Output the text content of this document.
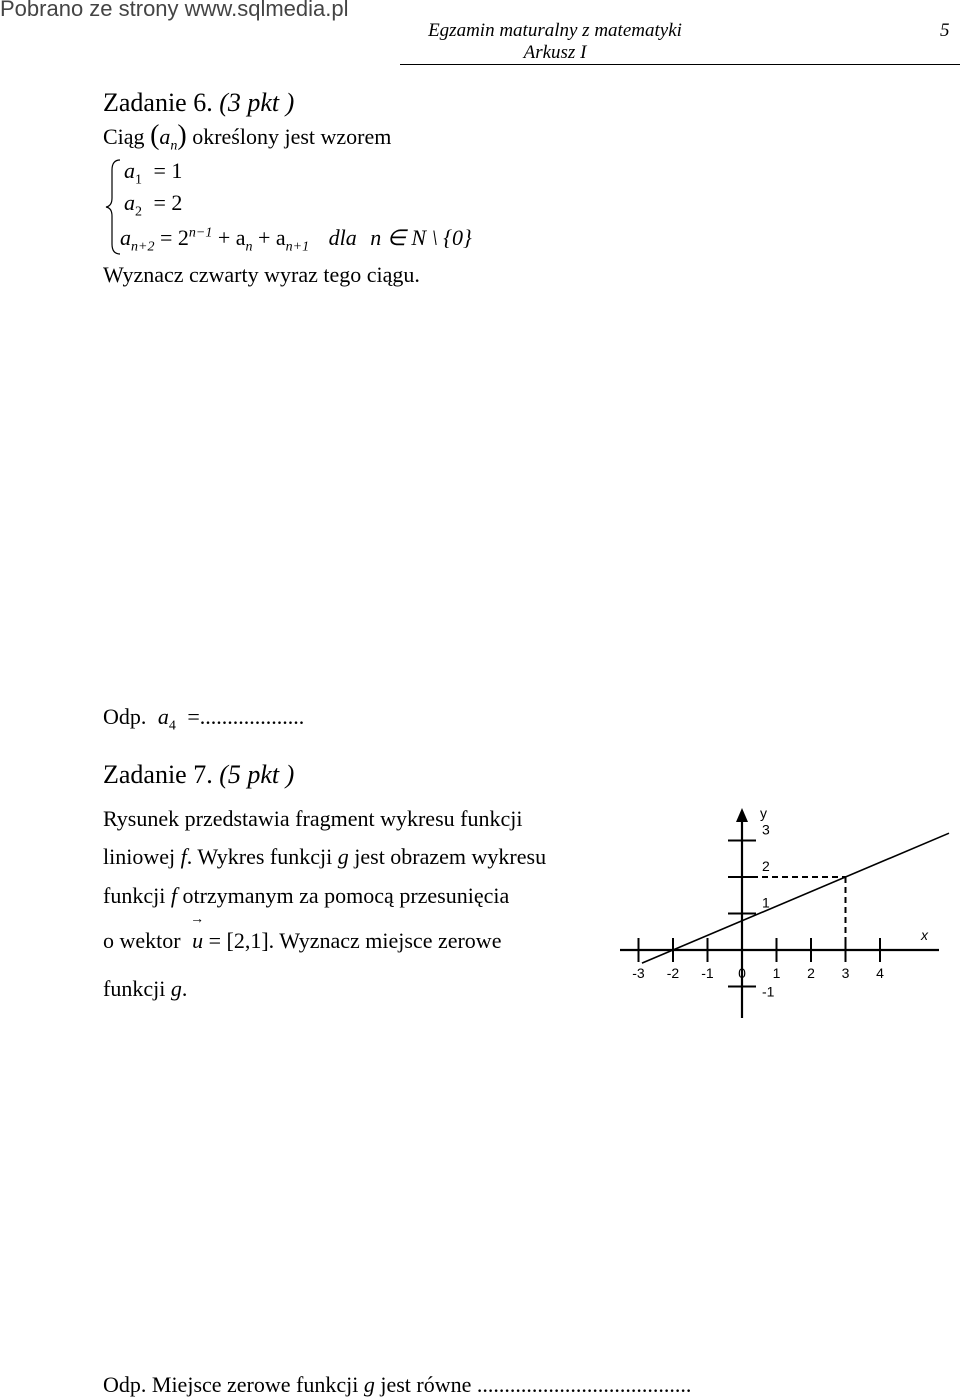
Pobrano ze strony www.sqlmedia.pl
Egzamin maturalny z matematyki
Arkusz I
5
Zadanie 6. (3 pkt )
Ciąg $(a_n)$ określony jest wzorem
$a_1 = 1$
$a_2 = 2$
$a_{n+2} = 2^{n-1} + a_n + a_{n+1}$ dla n ∈ N \ {0}
Wyznacz czwarty wyraz tego ciągu.
Odp. $a_4$ =...................
Zadanie 7. (5 pkt )
Rysunek przedstawia fragment wykresu funkcji
liniowej f. Wykres funkcji g jest obrazem wykresu
funkcji f otrzymanym za pomocą przesunięcia
o wektor
→
u = [2,1]. Wyznacz miejsce zerowe
funkcji g.
-3 -2 -1 0 1 2 3 4
3
2
1
-1
y
x
Odp. Miejsce zerowe funkcji g jest równe .......................................
